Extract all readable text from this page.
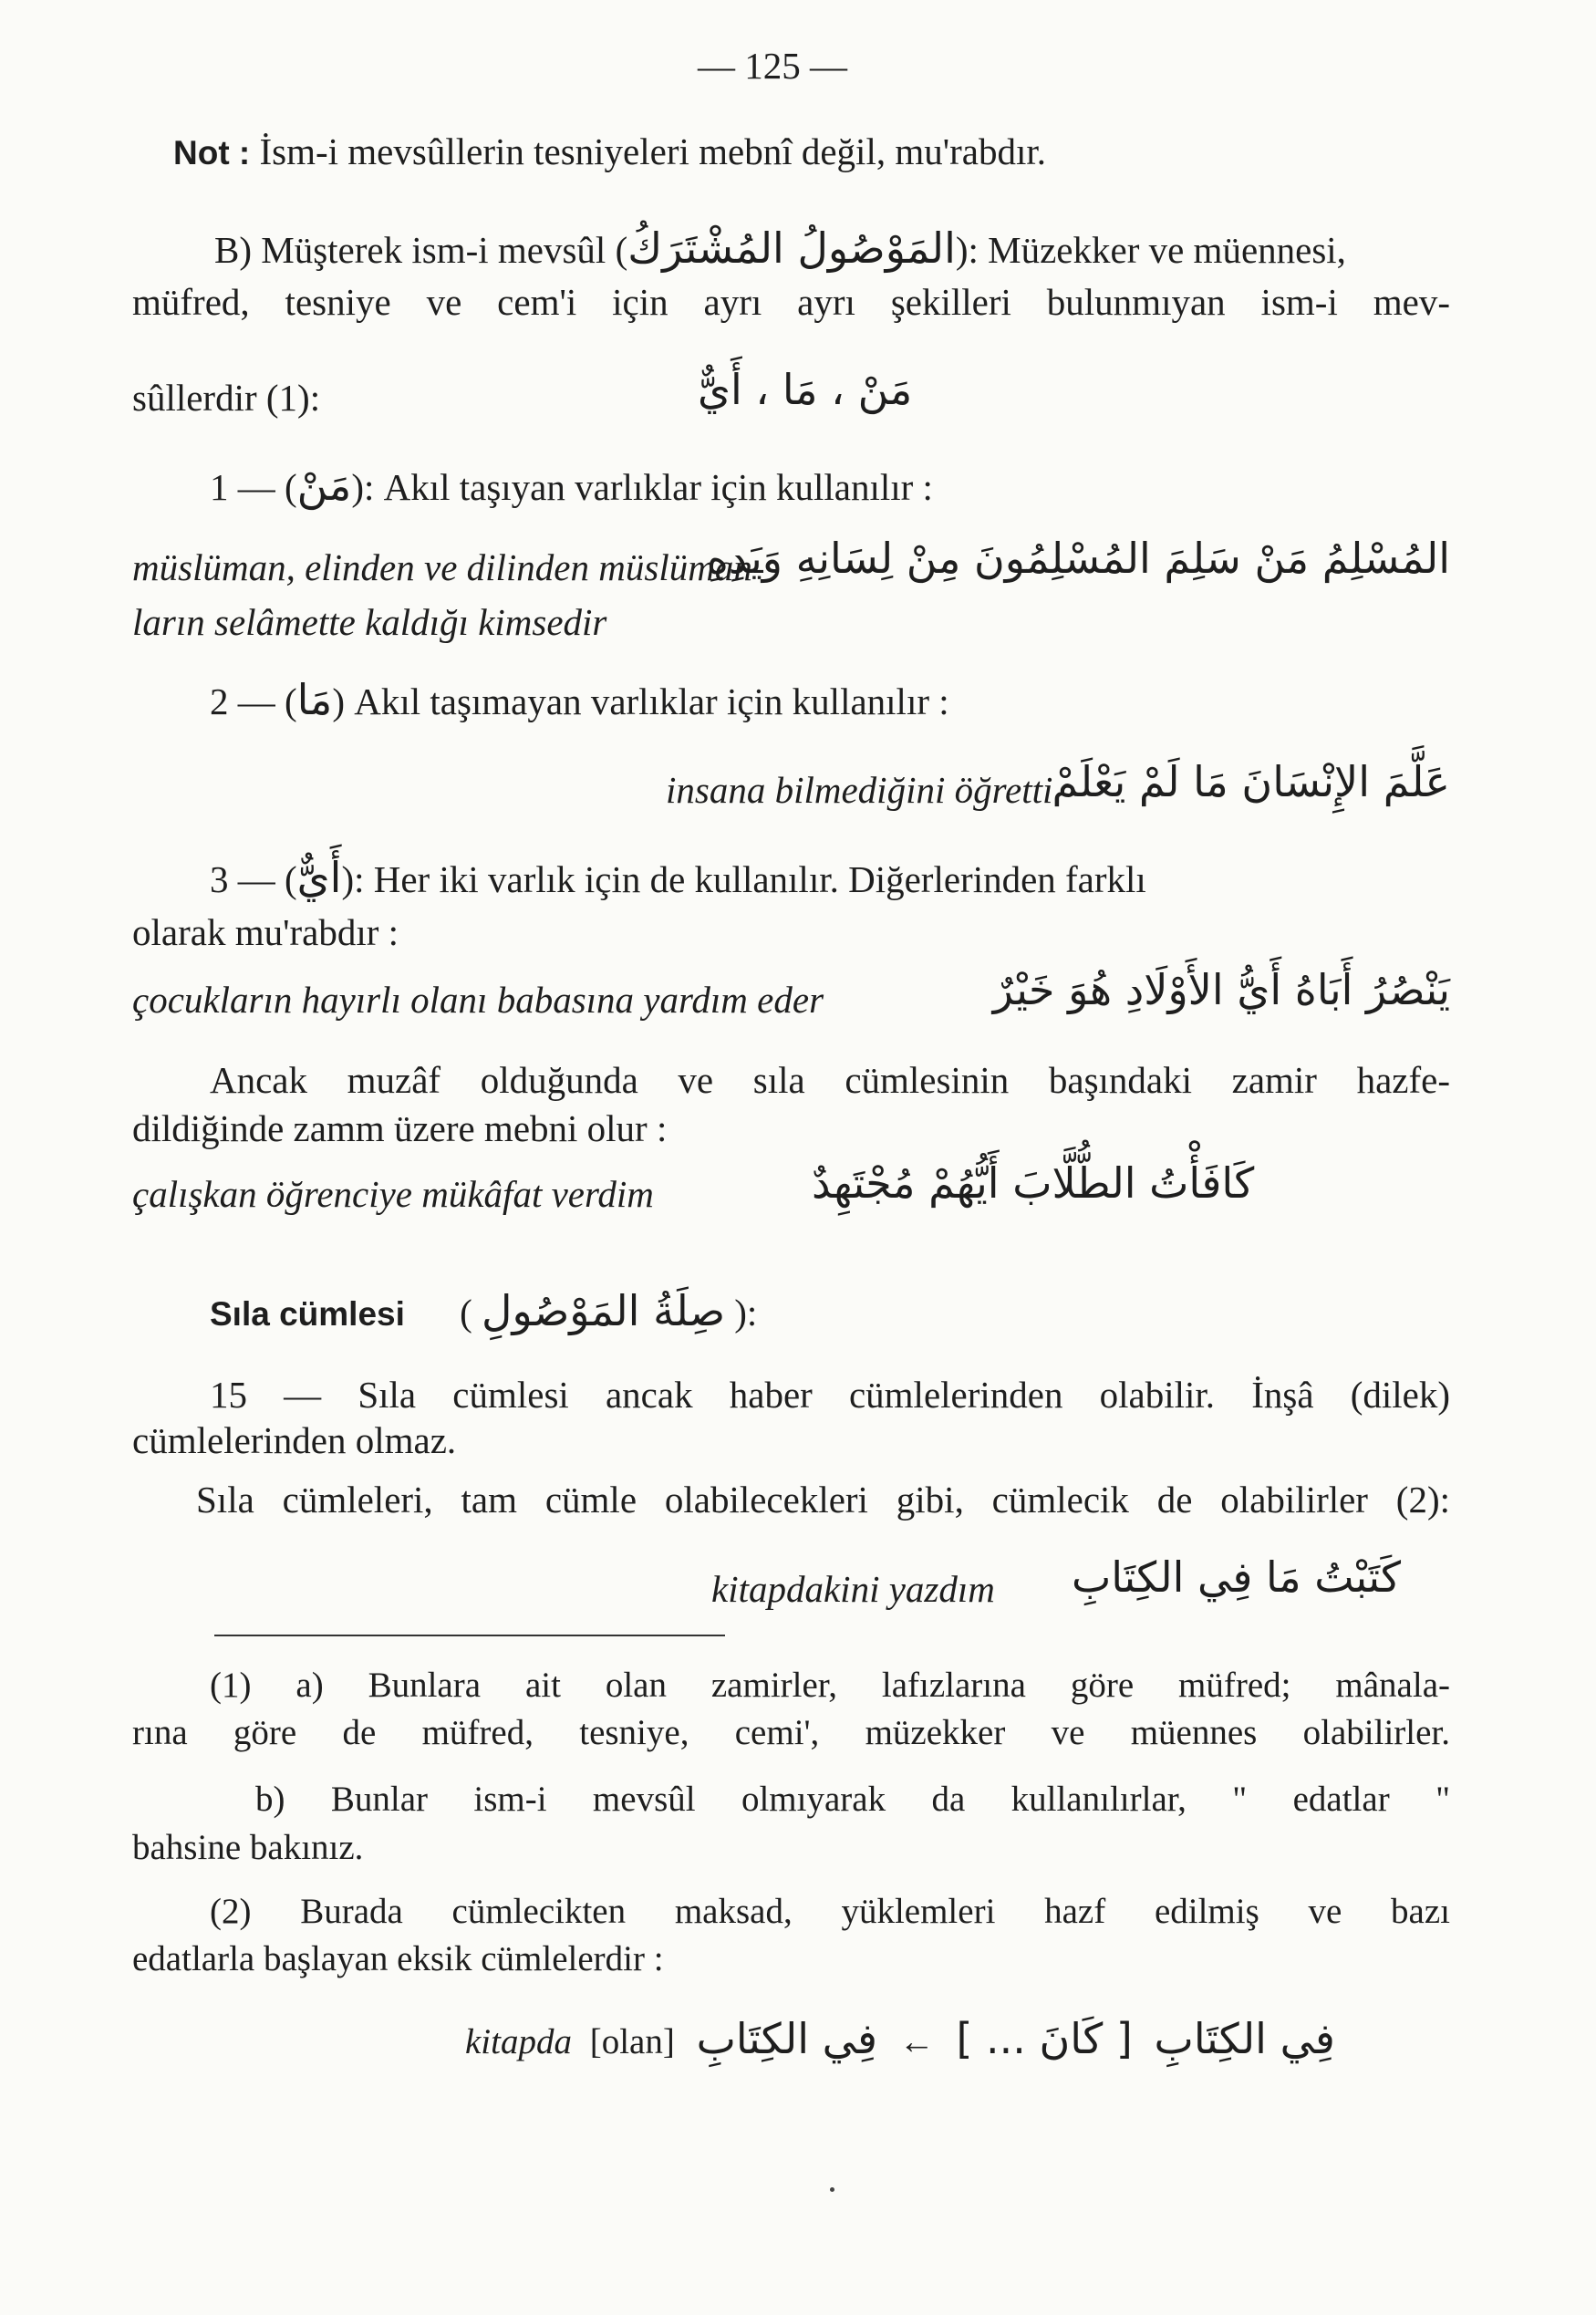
— 125 —
Not : İsm-i mevsûllerin tesniyeleri mebnî değil, mu'rabdır.
B) Müşterek ism-i mevsûl (المَوْصُولُ المُشْتَرَكُ): Müzekker ve müennesi,
müfred, tesniye ve cem'i için ayrı ayrı şekilleri bulunmıyan ism-i mev-
sûllerdir (1):	مَنْ ، مَا ، أَيٌّ
1 — (مَنْ): Akıl taşıyan varlıklar için kullanılır :
müslüman, elinden ve dilinden müslüman-
المُسْلِمُ مَنْ سَلِمَ المُسْلِمُونَ مِنْ لِسَانِهِ وَيَدِهِ
ların selâmette kaldığı kimsedir
2 — (مَا) Akıl taşımayan varlıklar için kullanılır :
insana bilmediğini öğretti عَلَّمَ الإِنْسَانَ مَا لَمْ يَعْلَمْ
3 — (أَيٌّ): Her iki varlık için de kullanılır. Diğerlerinden farklı
olarak mu'rabdır :
çocukların hayırlı olanı babasına yardım eder	يَنْصُرُ أَبَاهُ أَيُّ الأَوْلَادِ هُوَ خَيْرٌ
Ancak muzâf olduğunda ve sıla cümlesinin başındaki zamir hazfe-
dildiğinde zamm üzere mebni olur :
çalışkan öğrenciye mükâfat verdim	كَافَأْتُ الطُّلَّابَ أَيُّهُمْ مُجْتَهِدٌ
Sıla cümlesi ( صِلَةُ المَوْصُولِ ):
15 — Sıla cümlesi ancak haber cümlelerinden olabilir. İnşâ (dilek)
cümlelerinden olmaz.
Sıla cümleleri, tam cümle olabilecekleri gibi, cümlecik de olabilirler (2):
kitapdakini yazdım كَتَبْتُ مَا فِي الكِتَابِ
(1) a) Bunlara ait olan zamirler, lafızlarına göre müfred; mânala-
rına göre de müfred, tesniye, cemi', müzekker ve müennes olabilirler.
b) Bunlar ism-i mevsûl olmıyarak da kullanılırlar, " edatlar "
bahsine bakınız.
(2) Burada cümlecikten maksad, yüklemleri hazf edilmiş ve bazı
edatlarla başlayan eksik cümlelerdir :
kitapda [olan]	فِي الكِتَابِ [ كَانَ ... ] ← فِي الكِتَابِ
